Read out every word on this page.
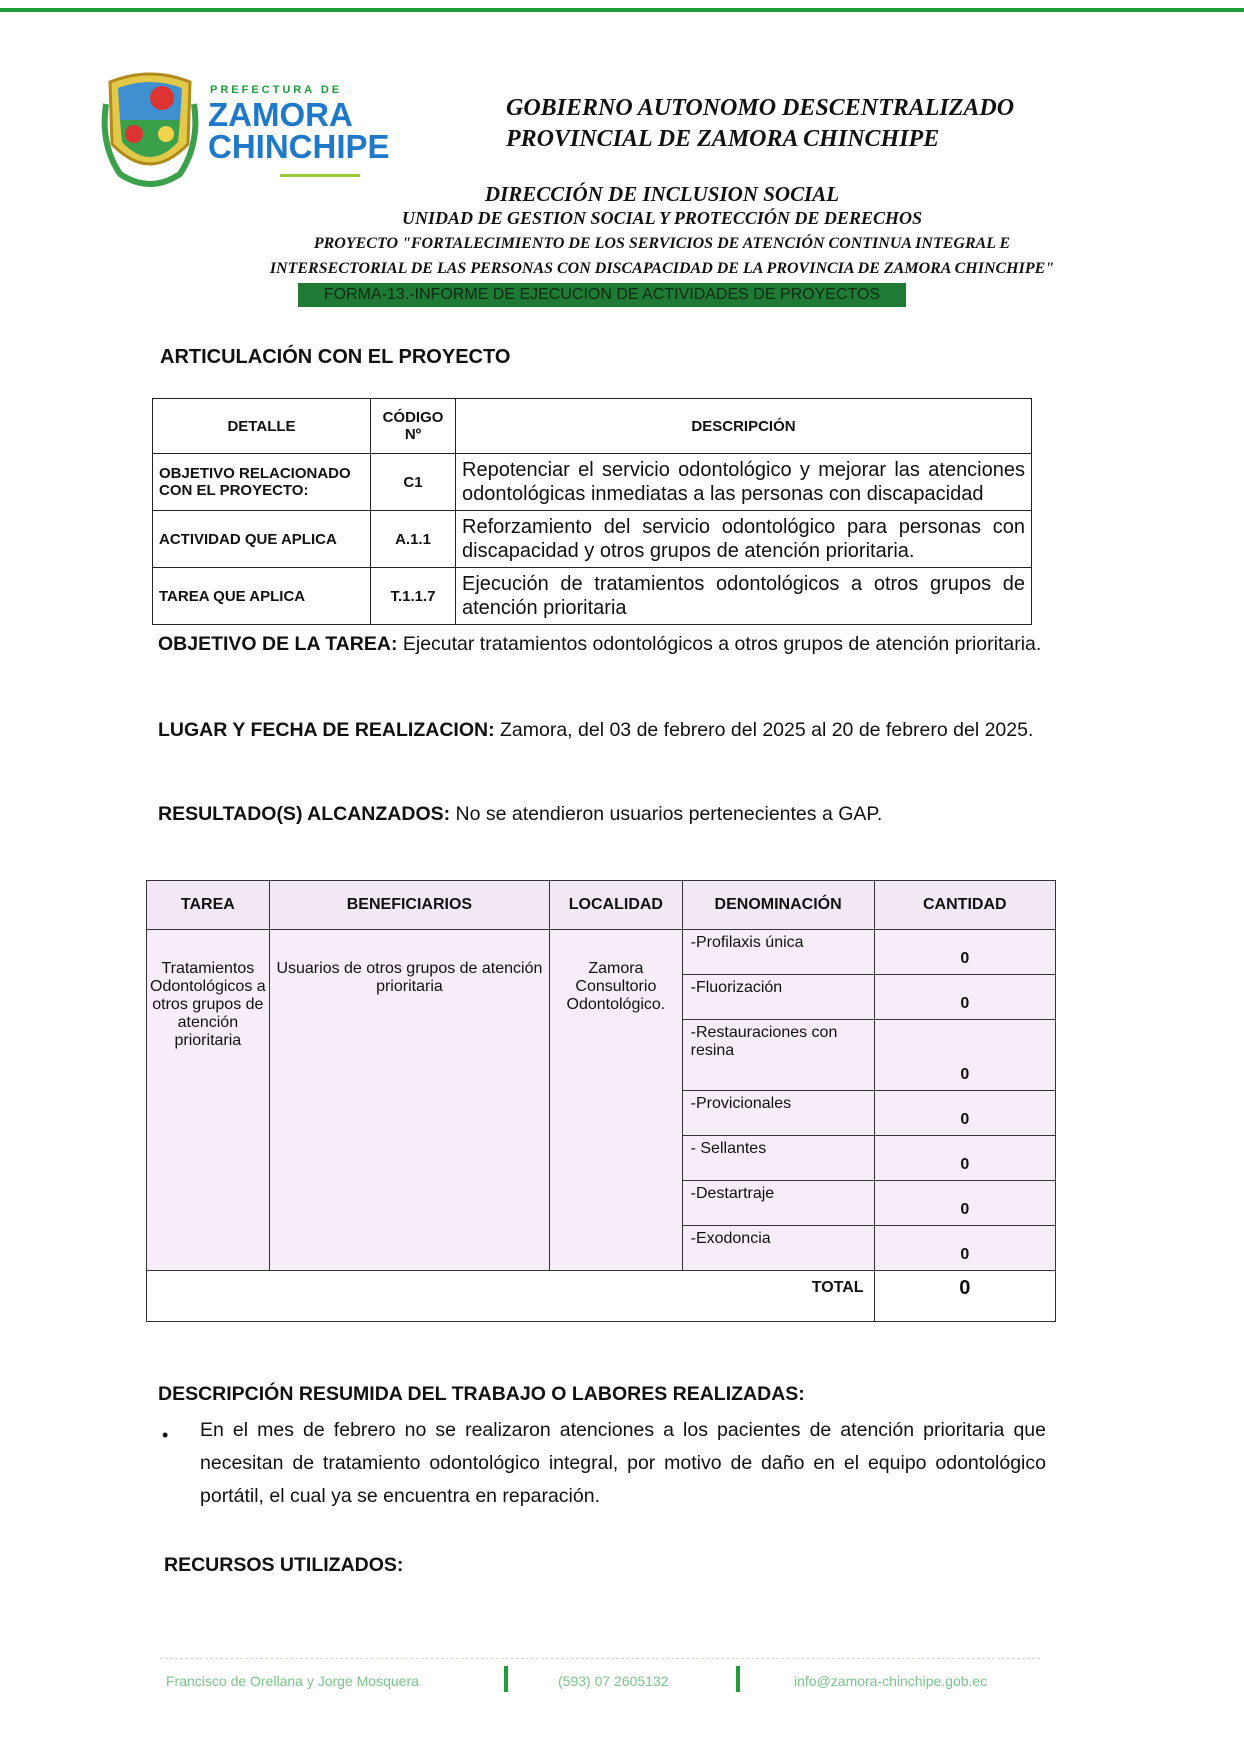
PREFECTURA DE
ZAMORA
CHINCHIPE
GOBIERNO AUTONOMO DESCENTRALIZADO
PROVINCIAL DE ZAMORA CHINCHIPE
DIRECCIÓN DE INCLUSION SOCIAL
UNIDAD DE GESTION SOCIAL Y PROTECCIÓN DE DERECHOS
PROYECTO "FORTALECIMIENTO DE LOS SERVICIOS DE ATENCIÓN CONTINUA INTEGRAL E
INTERSECTORIAL DE LAS PERSONAS CON DISCAPACIDAD DE LA PROVINCIA DE ZAMORA CHINCHIPE"
FORMA-13.-INFORME DE EJECUCION DE ACTIVIDADES DE PROYECTOS
ARTICULACIÓN CON EL PROYECTO
DETALLE	CÓDIGO Nº	DESCRIPCIÓN
OBJETIVO RELACIONADO CON EL PROYECTO:	C1	Repotenciar el servicio odontológico y mejorar las atenciones odontológicas inmediatas a las personas con discapacidad
ACTIVIDAD QUE APLICA	A.1.1	Reforzamiento del servicio odontológico para personas con discapacidad y otros grupos de atención prioritaria.
TAREA QUE APLICA	T.1.1.7	Ejecución de tratamientos odontológicos a otros grupos de atención prioritaria
OBJETIVO DE LA TAREA: Ejecutar tratamientos odontológicos a otros grupos de atención prioritaria.
LUGAR Y FECHA DE REALIZACION: Zamora, del 03 de febrero del 2025 al 20 de febrero del 2025.
RESULTADO(S) ALCANZADOS: No se atendieron usuarios pertenecientes a GAP.
TAREA	BENEFICIARIOS	LOCALIDAD	DENOMINACIÓN	CANTIDAD
Tratamientos Odontológicos a otros grupos de atención prioritaria	Usuarios de otros grupos de atención prioritaria	Zamora Consultorio Odontológico.	-Profilaxis única	0
			-Fluorización	0
			-Restauraciones con resina	0
			-Provicionales	0
			- Sellantes	0
			-Destartraje	0
			-Exodoncia	0
TOTAL				0
DESCRIPCIÓN RESUMIDA DEL TRABAJO O LABORES REALIZADAS:
• En el mes de febrero no se realizaron atenciones a los pacientes de atención prioritaria que necesitan de tratamiento odontológico integral, por motivo de daño en el equipo odontológico portátil, el cual ya se encuentra en reparación.
RECURSOS UTILIZADOS:
Francisco de Orellana y Jorge Mosquera	(593) 07 2605132	info@zamora-chinchipe.gob.ec
